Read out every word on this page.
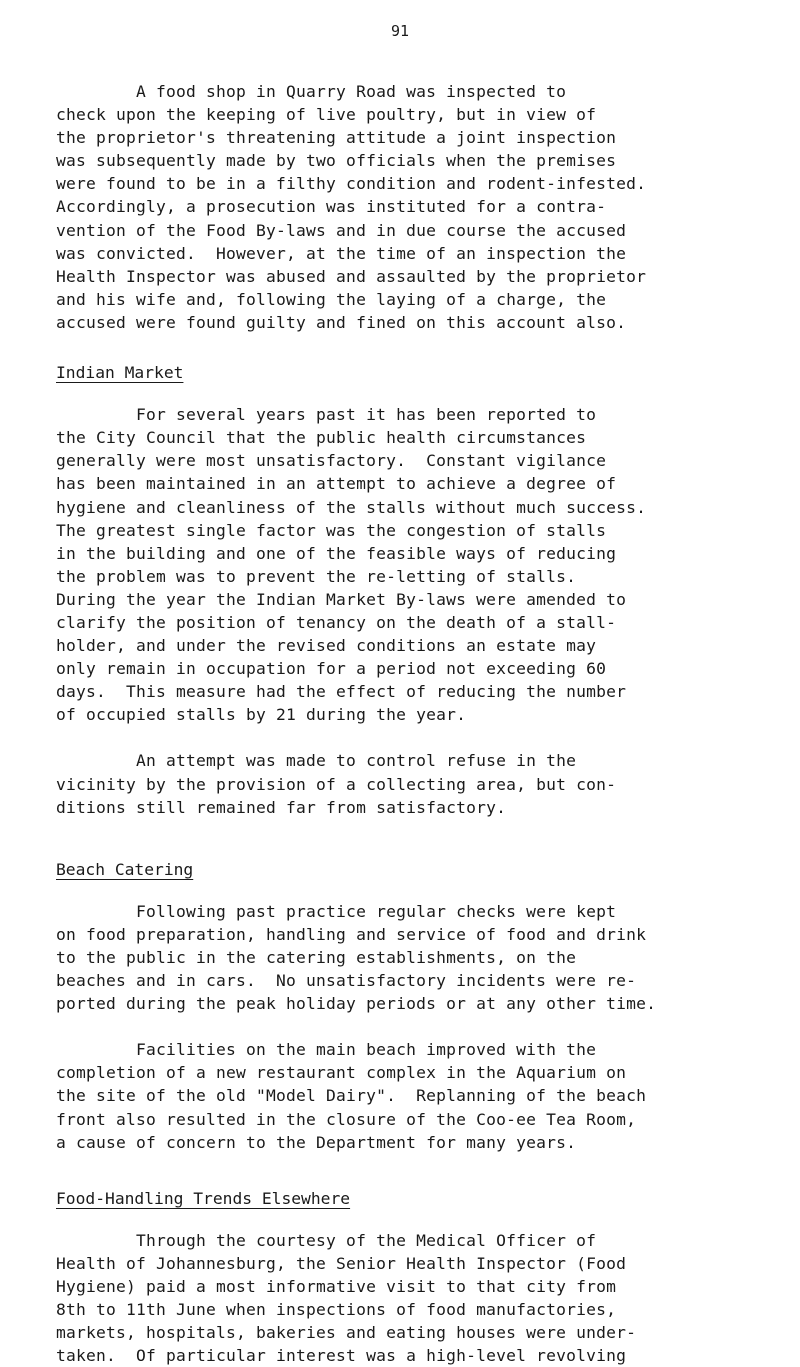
91
A food shop in Quarry Road was inspected to
check upon the keeping of live poultry, but in view of
the proprietor's threatening attitude a joint inspection
was subsequently made by two officials when the premises
were found to be in a filthy condition and rodent-infested.
Accordingly, a prosecution was instituted for a contra-
vention of the Food By-laws and in due course the accused
was convicted.  However, at the time of an inspection the
Health Inspector was abused and assaulted by the proprietor
and his wife and, following the laying of a charge, the
accused were found guilty and fined on this account also.
Indian Market
For several years past it has been reported to
the City Council that the public health circumstances
generally were most unsatisfactory.  Constant vigilance
has been maintained in an attempt to achieve a degree of
hygiene and cleanliness of the stalls without much success.
The greatest single factor was the congestion of stalls
in the building and one of the feasible ways of reducing
the problem was to prevent the re-letting of stalls.
During the year the Indian Market By-laws were amended to
clarify the position of tenancy on the death of a stall-
holder, and under the revised conditions an estate may
only remain in occupation for a period not exceeding 60
days.  This measure had the effect of reducing the number
of occupied stalls by 21 during the year.
An attempt was made to control refuse in the
vicinity by the provision of a collecting area, but con-
ditions still remained far from satisfactory.
Beach Catering
Following past practice regular checks were kept
on food preparation, handling and service of food and drink
to the public in the catering establishments, on the
beaches and in cars.  No unsatisfactory incidents were re-
ported during the peak holiday periods or at any other time.
Facilities on the main beach improved with the
completion of a new restaurant complex in the Aquarium on
the site of the old "Model Dairy".  Replanning of the beach
front also resulted in the closure of the Coo-ee Tea Room,
a cause of concern to the Department for many years.
Food-Handling Trends Elsewhere
Through the courtesy of the Medical Officer of
Health of Johannesburg, the Senior Health Inspector (Food
Hygiene) paid a most informative visit to that city from
8th to 11th June when inspections of food manufactories,
markets, hospitals, bakeries and eating houses were under-
taken.  Of particular interest was a high-level revolving
